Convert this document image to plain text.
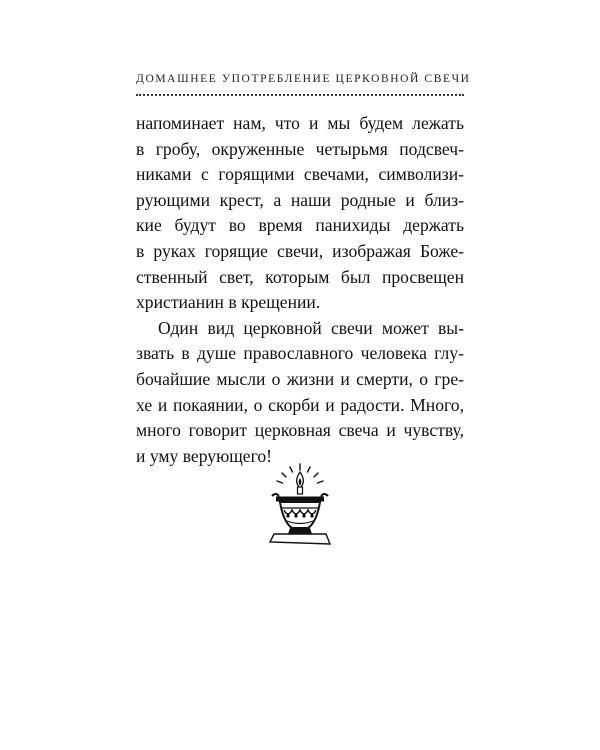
ДОМАШНЕЕ УПОТРЕБЛЕНИЕ ЦЕРКОВНОЙ СВЕЧИ
напоминает нам, что и мы будем лежать
в гробу, окруженные четырьмя подсвеч-
никами с горящими свечами, символизи-
рующими крест, а наши родные и близ-
кие будут во время панихиды держать
в руках горящие свечи, изображая Боже-
ственный свет, которым был просвещен
христианин в крещении.
Один вид церковной свечи может вы-
звать в душе православного человека глу-
бочайшие мысли о жизни и смерти, о гре-
хе и покаянии, о скорби и радости. Много,
много говорит церковная свеча и чувству,
и уму верующего!
